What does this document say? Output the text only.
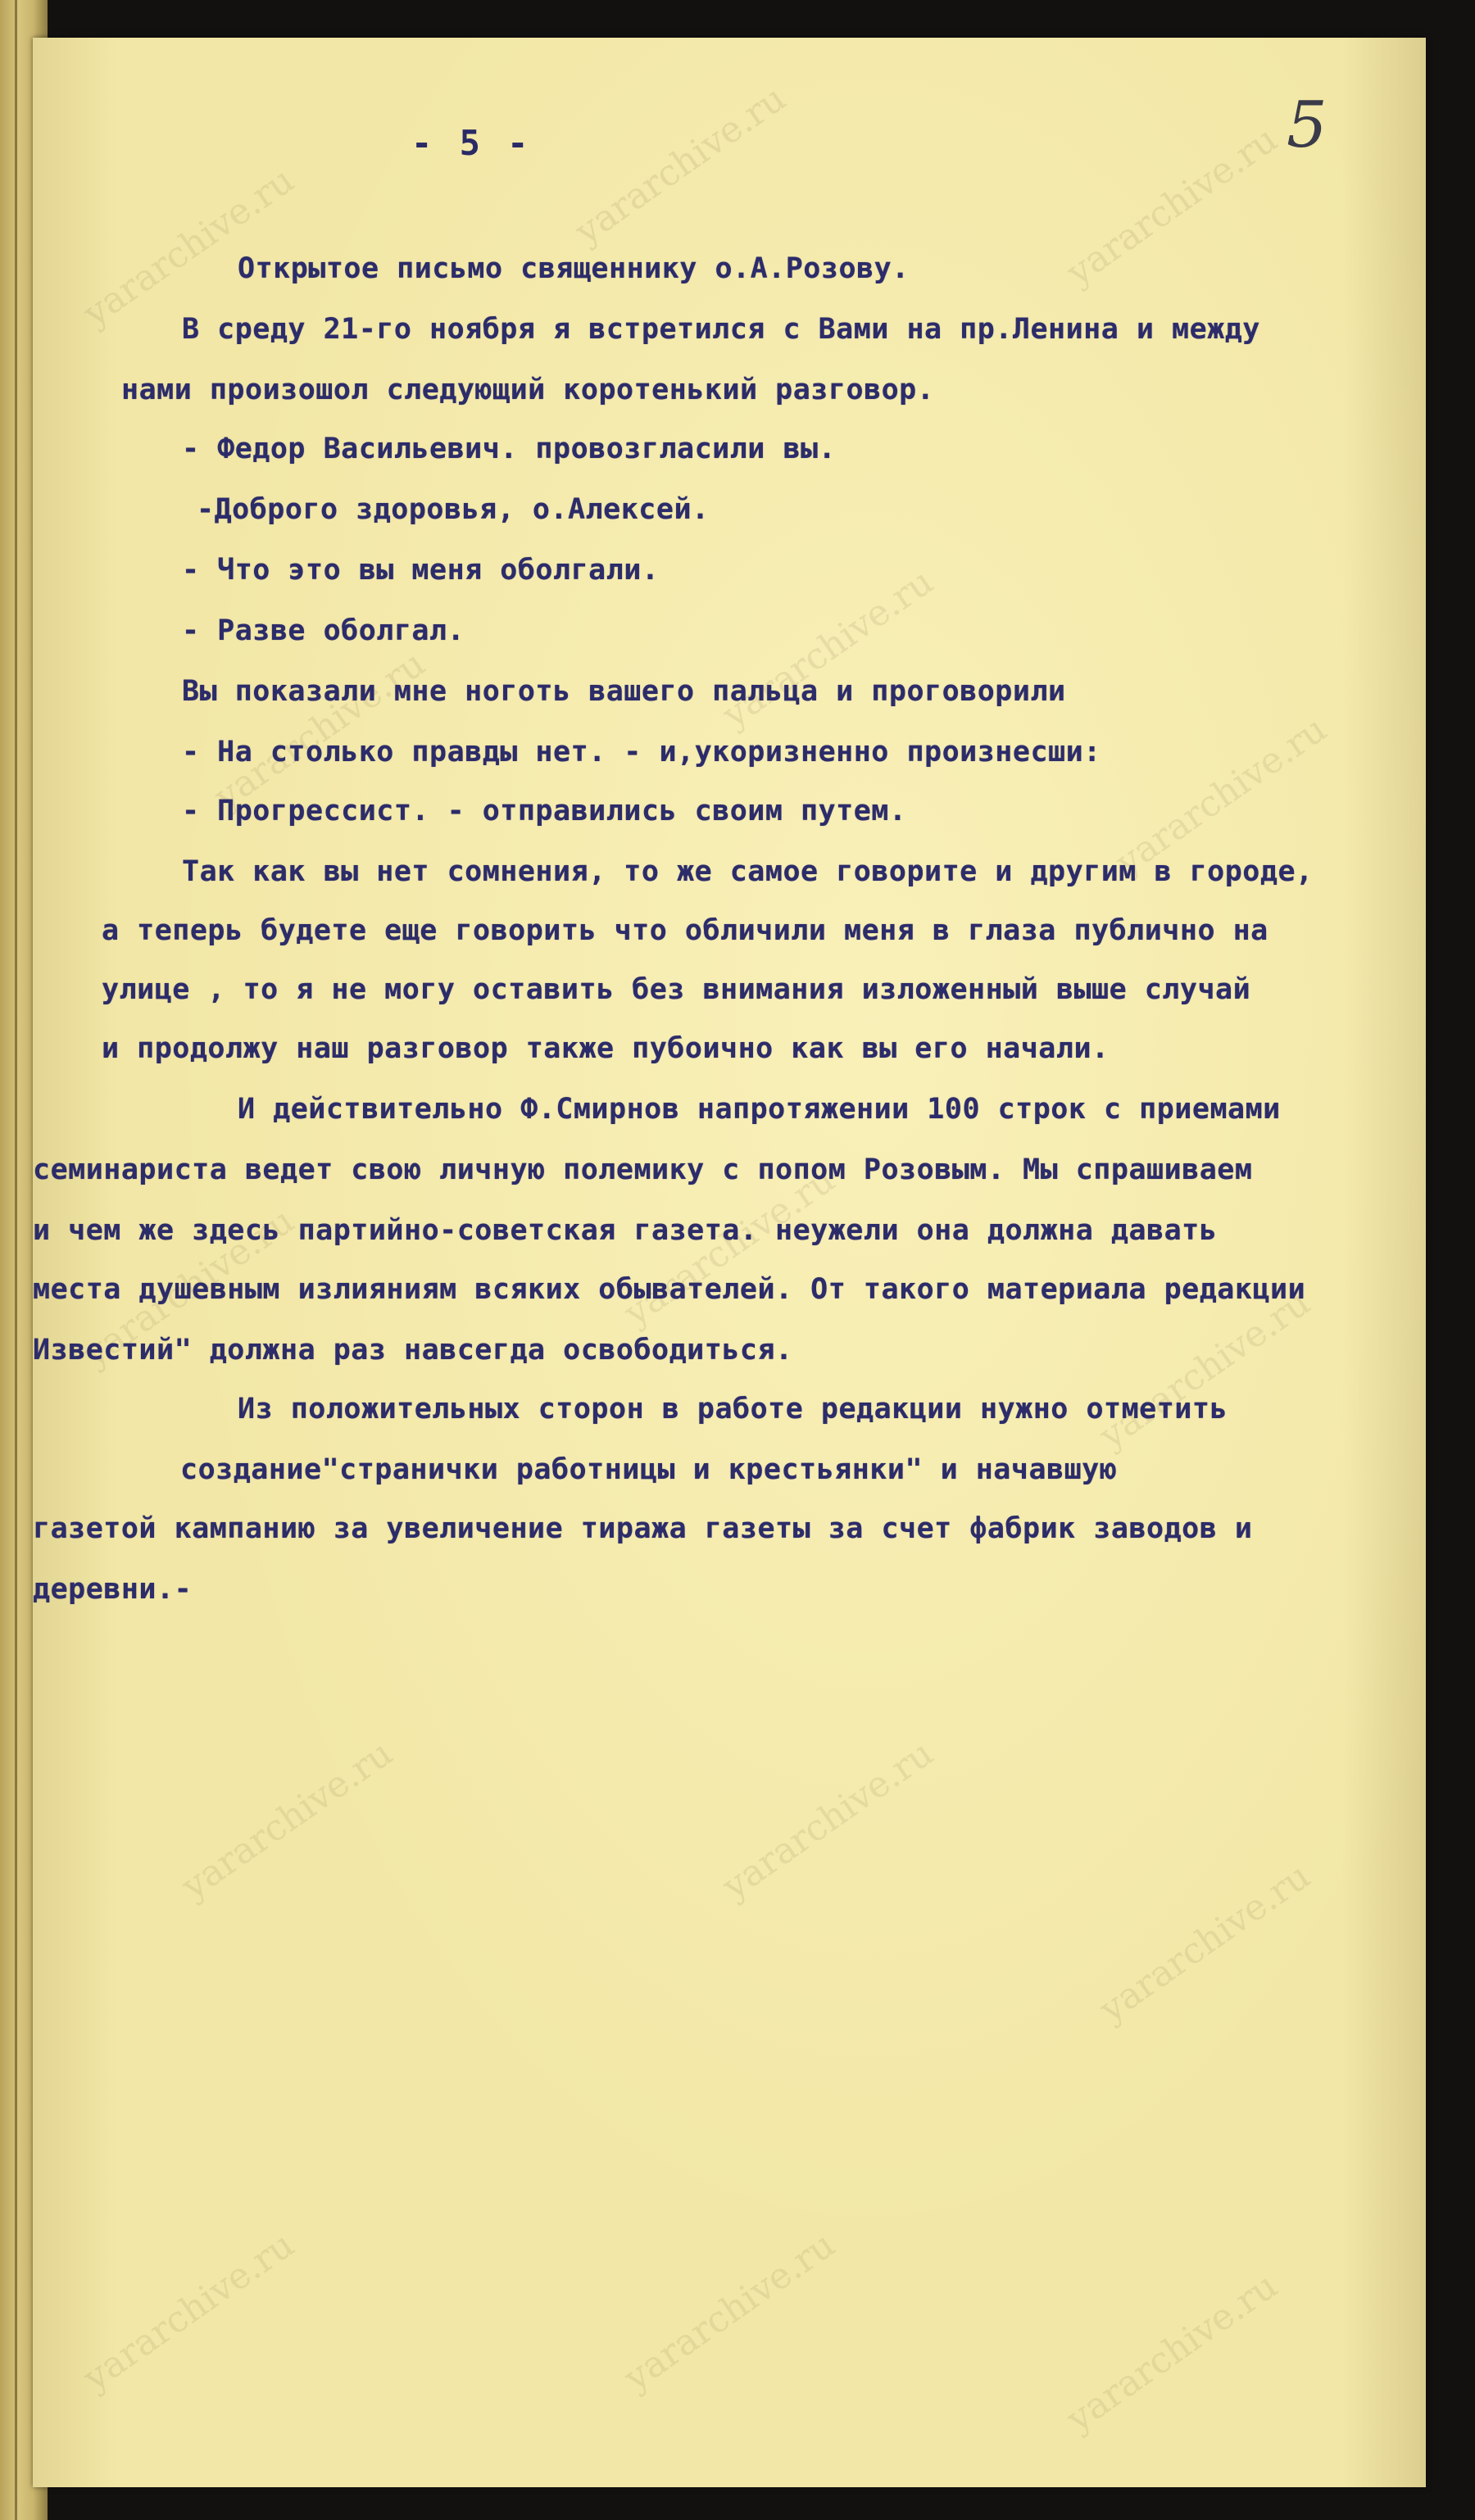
yararchive.ru	yararchive.ru	yararchive.ru
yararchive.ru	yararchive.ru
yararchive.ru
yararchive.ru	yararchive.ru
yararchive.ru
yararchive.ru	yararchive.ru
yararchive.ru
yararchive.ru	yararchive.ru	yararchive.ru
- 5 -	5
Открытое письмо священнику о.А.Розову.
В среду 21-го ноября я встретился с Вами на пр.Ленина и между
нами произошол следующий коротенький разговор.
- Федор Васильевич. провозгласили вы.
-Доброго здоровья, о.Алексей.
- Что это вы меня оболгали.
- Разве оболгал.
Вы показали мне ноготь вашего пальца и проговорили
- На столько правды нет. - и,укоризненно произнесши:
- Прогрессист. - отправились своим путем.
Так как вы нет сомнения, то же самое говорите и другим в городе,
а теперь будете еще говорить что обличили меня в глаза публично на
улице , то я не могу оставить без внимания изложенный выше случай
и продолжу наш разговор также пубоично как вы его начали.
И действительно Ф.Смирнов напротяжении 100 строк с приемами
семинариста ведет свою личную полемику с попом Розовым. Мы спрашиваем
и чем же здесь партийно-советская газета. неужели она должна давать
места душевным излияниям всяких обывателей. От такого материала редакции
Известий" должна раз навсегда освободиться.
Из положительных сторон в работе редакции нужно отметить
создание"странички работницы и крестьянки" и начавшую
газетой кампанию за увеличение тиража газеты за счет фабрик заводов и
деревни.-
